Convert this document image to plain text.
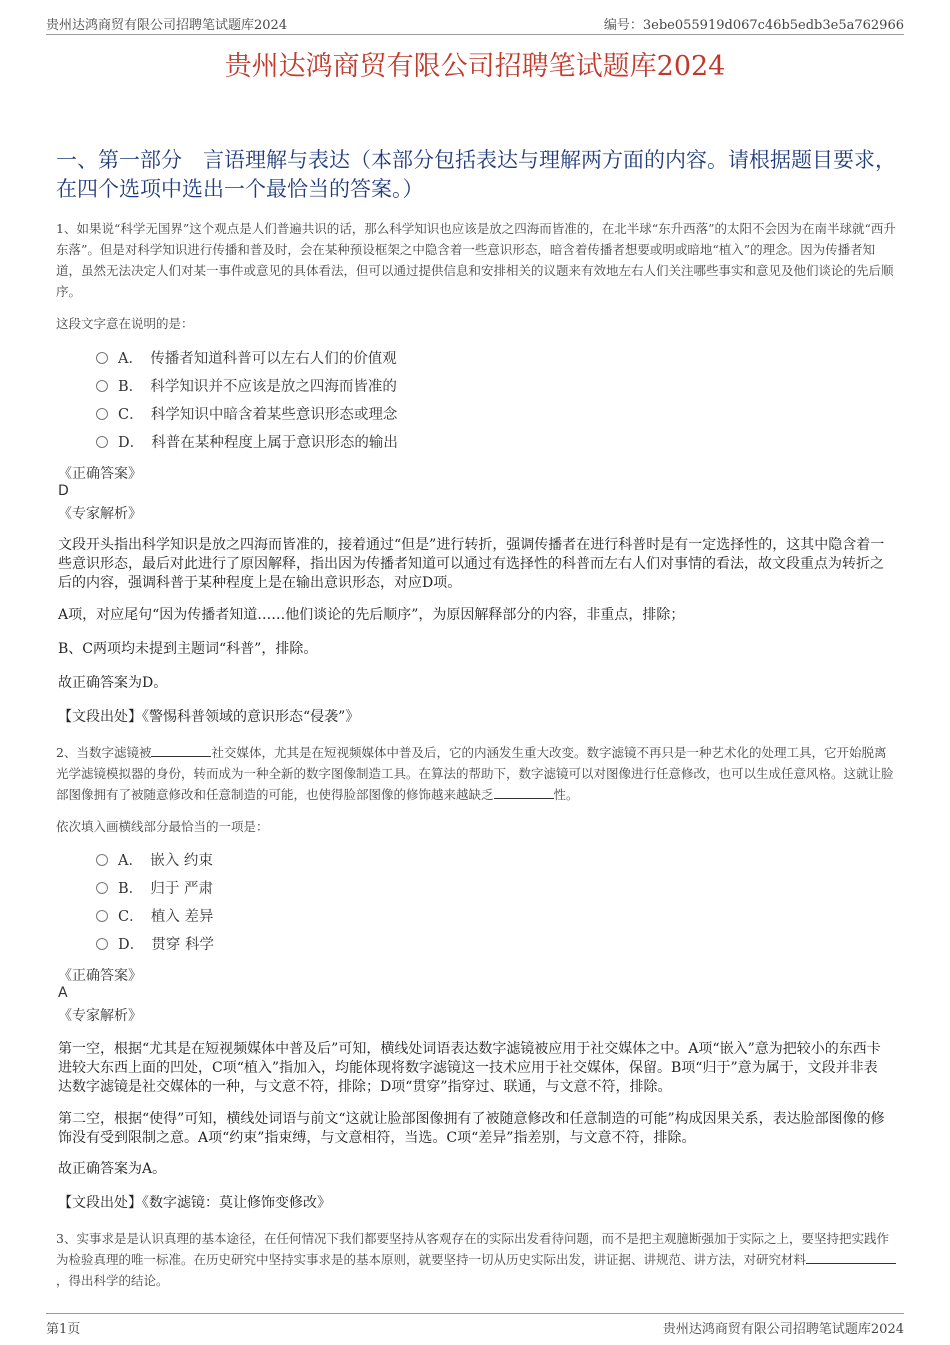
贵州达鸿商贸有限公司招聘笔试题库2024	编号：3ebe055919d067c46b5edb3e5a762966
贵州达鸿商贸有限公司招聘笔试题库2024
一、第一部分　言语理解与表达（本部分包括表达与理解两方面的内容。请根据题目要求，在四个选项中选出一个最恰当的答案。）
1、如果说“科学无国界”这个观点是人们普遍共识的话，那么科学知识也应该是放之四海而皆准的，在北半球“东升西落”的太阳不会因为在南半球就“西升东落”。但是对科学知识进行传播和普及时，会在某种预设框架之中隐含着一些意识形态，暗含着传播者想要或明或暗地“植入”的理念。因为传播者知道，虽然无法决定人们对某一事件或意见的具体看法，但可以通过提供信息和安排相关的议题来有效地左右人们关注哪些事实和意见及他们谈论的先后顺序。
这段文字意在说明的是：
A．　传播者知道科普可以左右人们的价值观
B．　科学知识并不应该是放之四海而皆准的
C．　科学知识中暗含着某些意识形态或理念
D．　科普在某种程度上属于意识形态的输出
《正确答案》
D
《专家解析》
文段开头指出科学知识是放之四海而皆准的，接着通过“但是”进行转折，强调传播者在进行科普时是有一定选择性的，这其中隐含着一些意识形态，最后对此进行了原因解释，指出因为传播者知道可以通过有选择性的科普而左右人们对事情的看法，故文段重点为转折之后的内容，强调科普于某种程度上是在输出意识形态，对应D项。
A项，对应尾句“因为传播者知道……他们谈论的先后顺序”，为原因解释部分的内容，非重点，排除；
B、C两项均未提到主题词“科普”，排除。
故正确答案为D。
【文段出处】《警惕科普领域的意识形态“侵袭”》
2、当数字滤镜被	社交媒体，尤其是在短视频媒体中普及后，它的内涵发生重大改变。数字滤镜不再只是一种艺术化的处理工具，它开始脱离光学滤镜模拟器的身份，转而成为一种全新的数字图像制造工具。在算法的帮助下，数字滤镜可以对图像进行任意修改，也可以生成任意风格。这就让脸部图像拥有了被随意修改和任意制造的可能，也使得脸部图像的修饰越来越缺乏	性。
依次填入画横线部分最恰当的一项是：
A．　嵌入 约束
B．　归于 严肃
C．　植入 差异
D．　贯穿 科学
《正确答案》
A
《专家解析》
第一空，根据“尤其是在短视频媒体中普及后”可知，横线处词语表达数字滤镜被应用于社交媒体之中。A项“嵌入”意为把较小的东西卡进较大东西上面的凹处，C项“植入”指加入，均能体现将数字滤镜这一技术应用于社交媒体，保留。B项“归于”意为属于，文段并非表达数字滤镜是社交媒体的一种，与文意不符，排除；D项“贯穿”指穿过、联通，与文意不符，排除。
第二空，根据“使得”可知，横线处词语与前文“这就让脸部图像拥有了被随意修改和任意制造的可能”构成因果关系，表达脸部图像的修饰没有受到限制之意。A项“约束”指束缚，与文意相符，当选。C项“差异”指差别，与文意不符，排除。
故正确答案为A。
【文段出处】《数字滤镜：莫让修饰变修改》
3、实事求是是认识真理的基本途径，在任何情况下我们都要坚持从客观存在的实际出发看待问题，而不是把主观臆断强加于实际之上，要坚持把实践作为检验真理的唯一标准。在历史研究中坚持实事求是的基本原则，就要坚持一切从历史实际出发，讲证据、讲规范、讲方法，对研究材料，得出科学的结论。
第1页	贵州达鸿商贸有限公司招聘笔试题库2024
